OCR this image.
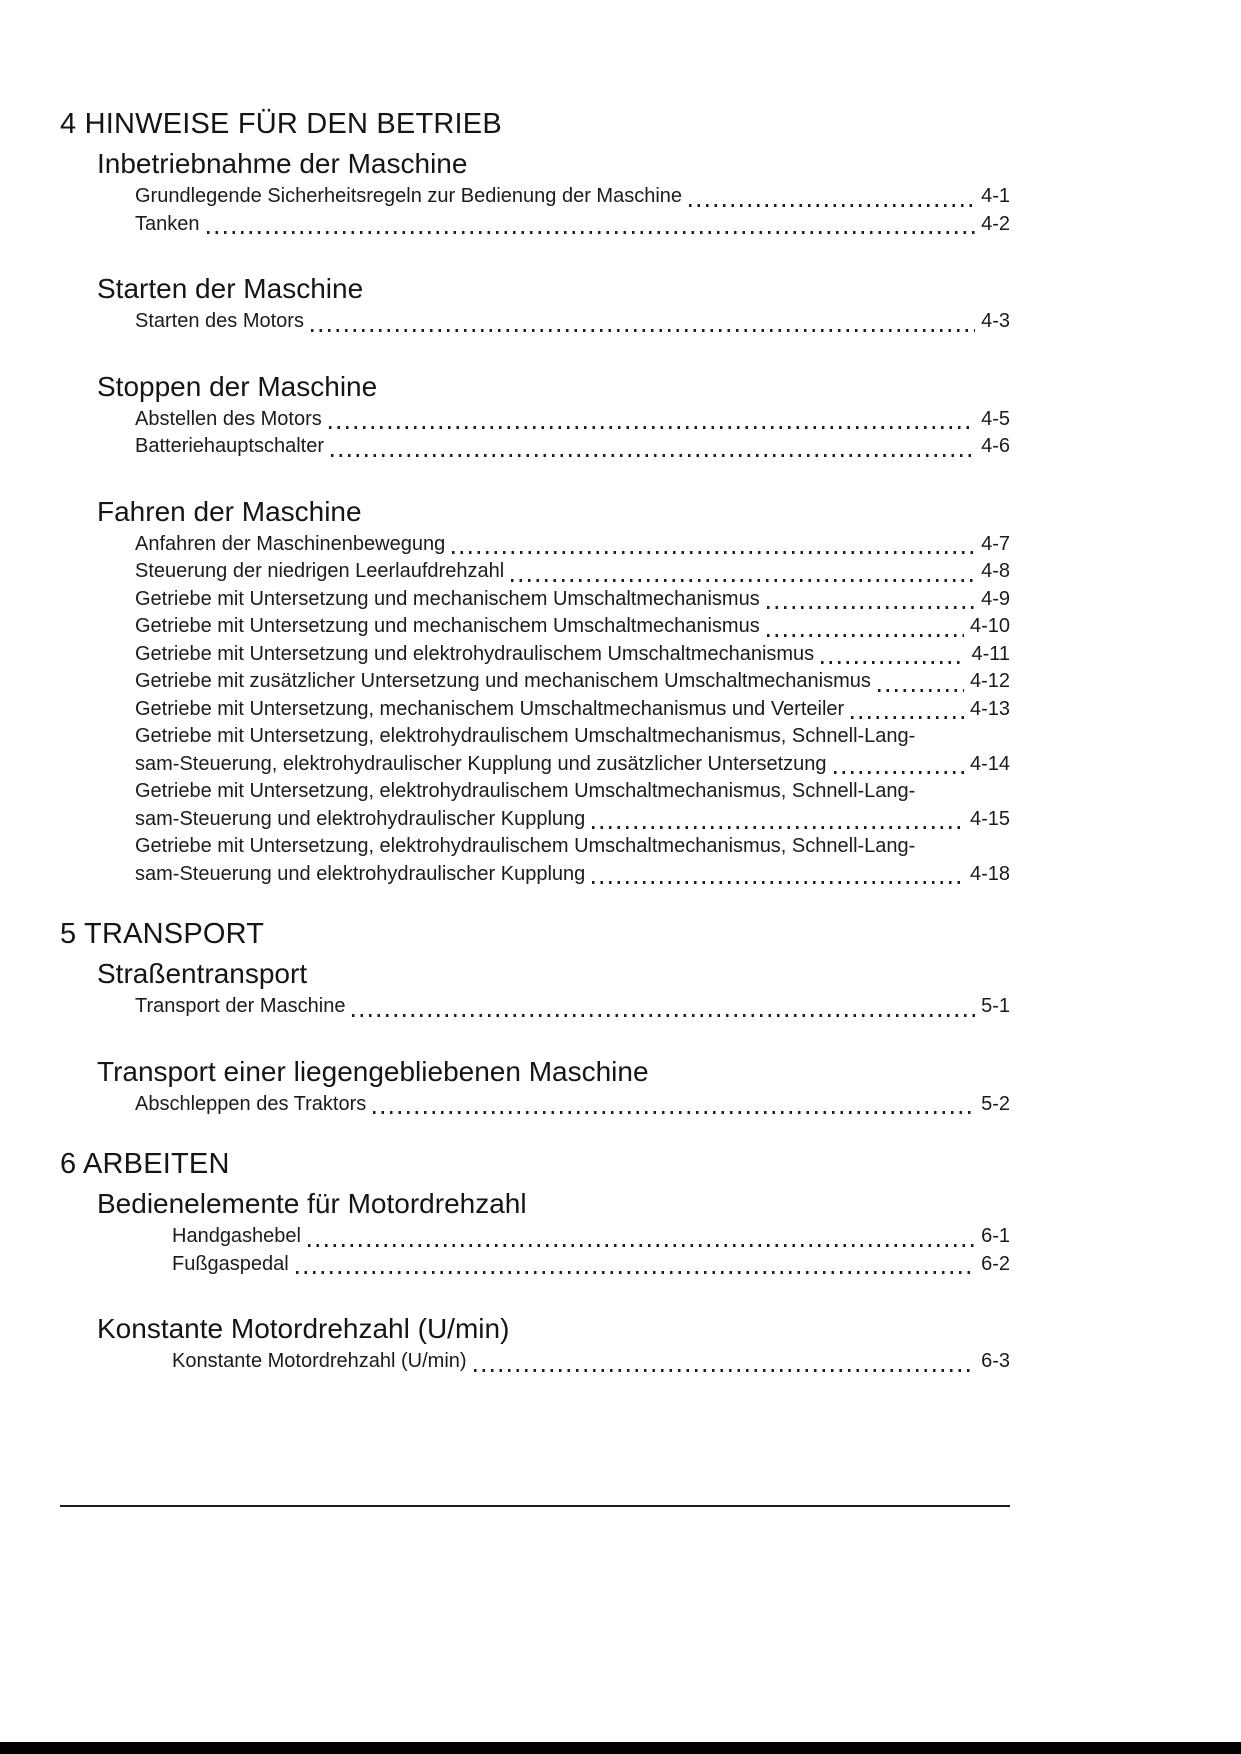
4 HINWEISE FÜR DEN BETRIEB
Inbetriebnahme der Maschine
Grundlegende Sicherheitsregeln zur Bedienung der Maschine	4-1
Tanken	4-2
Starten der Maschine
Starten des Motors	4-3
Stoppen der Maschine
Abstellen des Motors	4-5
Batteriehauptschalter	4-6
Fahren der Maschine
Anfahren der Maschinenbewegung	4-7
Steuerung der niedrigen Leerlaufdrehzahl	4-8
Getriebe mit Untersetzung und mechanischem Umschaltmechanismus	4-9
Getriebe mit Untersetzung und mechanischem Umschaltmechanismus	4-10
Getriebe mit Untersetzung und elektrohydraulischem Umschaltmechanismus	4-11
Getriebe mit zusätzlicher Untersetzung und mechanischem Umschaltmechanismus	4-12
Getriebe mit Untersetzung, mechanischem Umschaltmechanismus und Verteiler	4-13
Getriebe mit Untersetzung, elektrohydraulischem Umschaltmechanismus, Schnell-Lang-
sam-Steuerung, elektrohydraulischer Kupplung und zusätzlicher Untersetzung	4-14
Getriebe mit Untersetzung, elektrohydraulischem Umschaltmechanismus, Schnell-Lang-
sam-Steuerung und elektrohydraulischer Kupplung	4-15
Getriebe mit Untersetzung, elektrohydraulischem Umschaltmechanismus, Schnell-Lang-
sam-Steuerung und elektrohydraulischer Kupplung	4-18
5 TRANSPORT
Straßentransport
Transport der Maschine	5-1
Transport einer liegengebliebenen Maschine
Abschleppen des Traktors	5-2
6 ARBEITEN
Bedienelemente für Motordrehzahl
Handgashebel	6-1
Fußgaspedal	6-2
Konstante Motordrehzahl (U/min)
Konstante Motordrehzahl (U/min)	6-3
